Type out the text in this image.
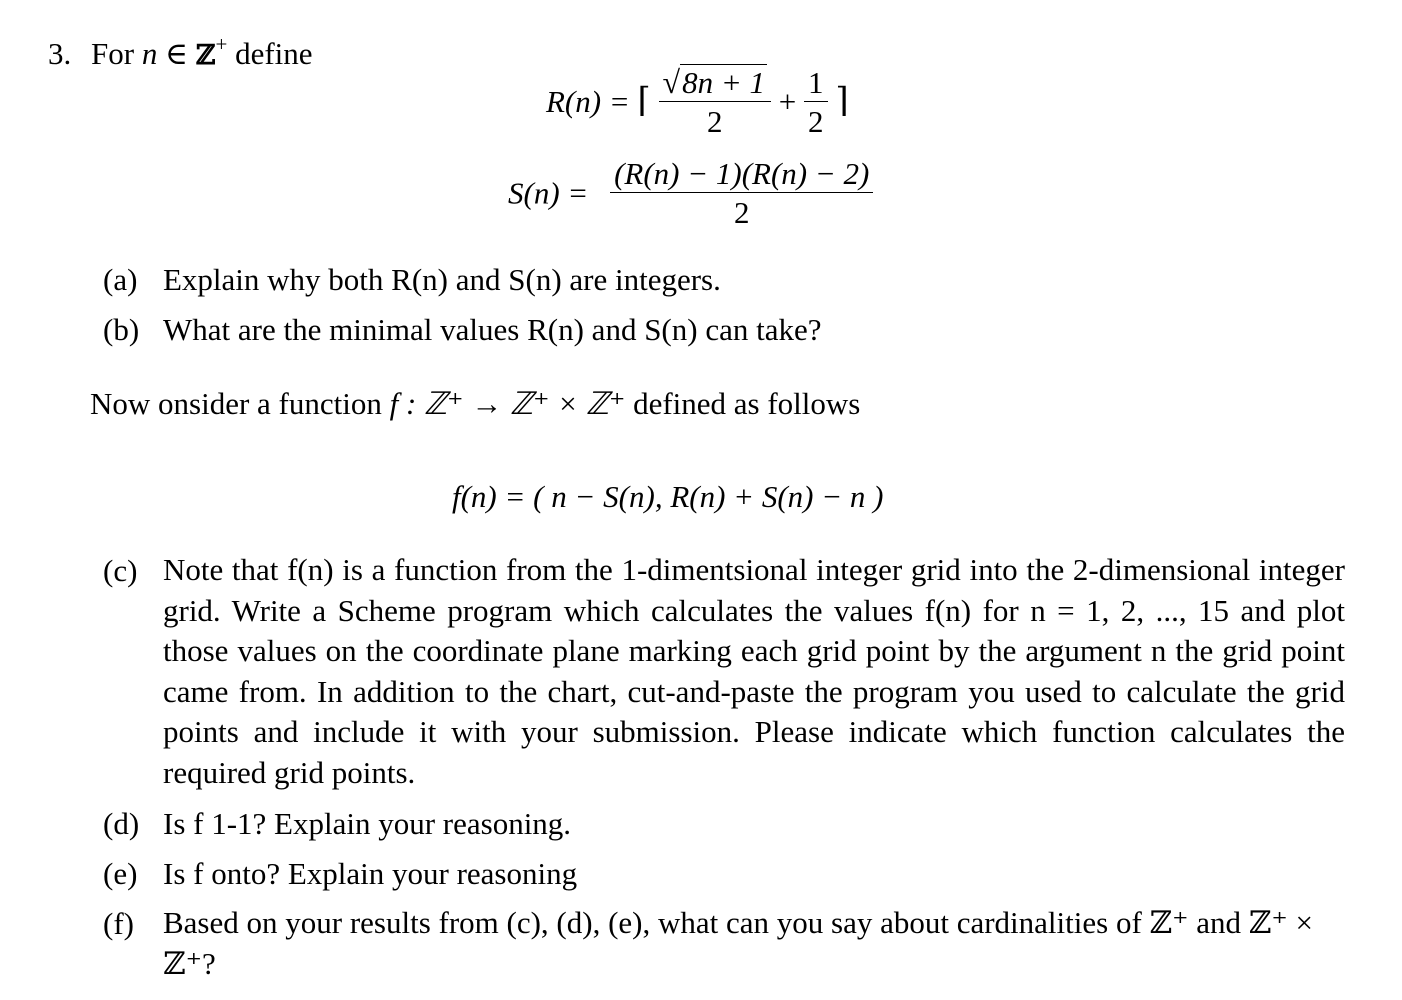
3. For n ∈ ℤ+ define
R(n) = ⌈ $\frac{√8n + 1}{2} + \frac{1}{2}$ ⌉
$S(n) = \frac{(R(n) - 1)(R(n) - 2)}{2}$
(a) Explain why both R(n) and S(n) are integers.
(b) What are the minimal values R(n) and S(n) can take?
Now onsider a function f : ℤ⁺ → ℤ⁺ × ℤ⁺ defined as follows
f(n) = ( n − S(n), R(n) + S(n) − n )
(c) Note that f(n) is a function from the 1-dimentsional integer grid into the 2-dimensional integer grid. Write a Scheme program which calculates the values f(n) for n = 1, 2, ..., 15 and plot those values on the coordinate plane marking each grid point by the argument n the grid point came from. In addition to the chart, cut-and-paste the program you used to calculate the grid points and include it with your submission. Please indicate which function calculates the required grid points.
(d) Is f 1-1? Explain your reasoning.
(e) Is f onto? Explain your reasoning
(f) Based on your results from (c), (d), (e), what can you say about cardinalities of ℤ⁺ and ℤ⁺ × ℤ⁺?
